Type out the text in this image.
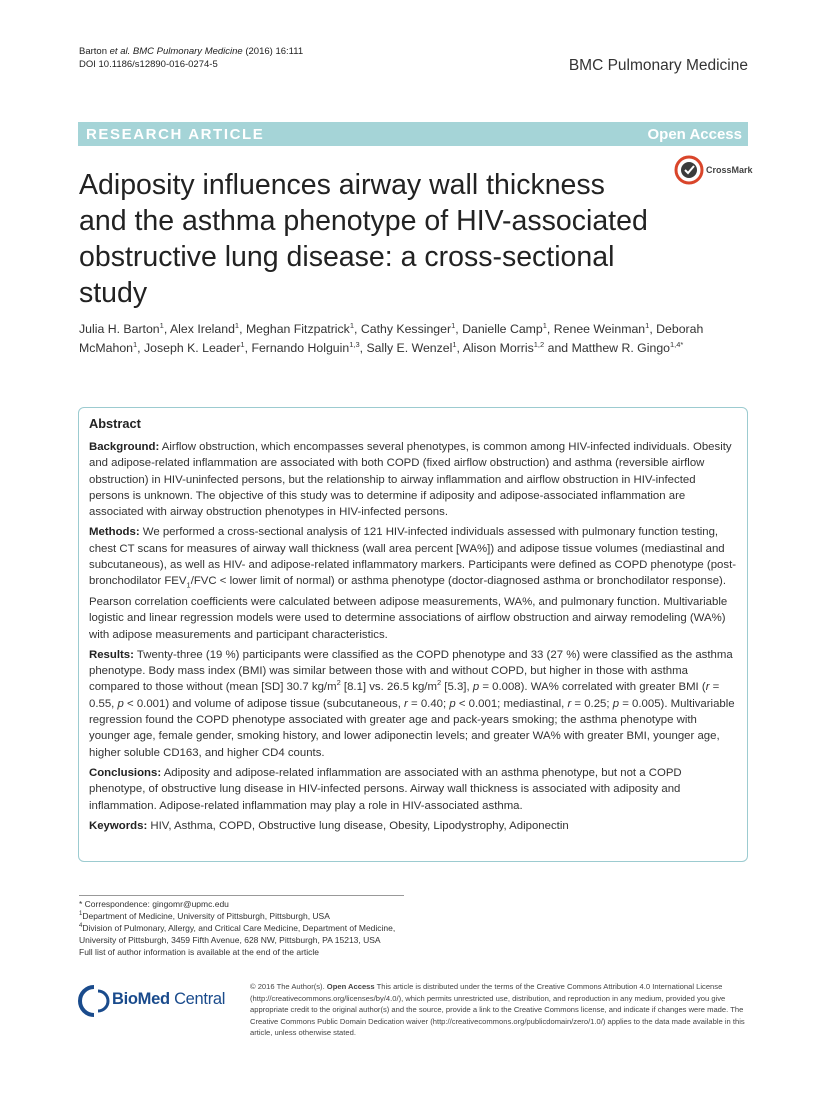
Barton et al. BMC Pulmonary Medicine (2016) 16:111
DOI 10.1186/s12890-016-0274-5	BMC Pulmonary Medicine
RESEARCH ARTICLE	Open Access
Adiposity influences airway wall thickness and the asthma phenotype of HIV-associated obstructive lung disease: a cross-sectional study
CrossMark
Julia H. Barton$^1$, Alex Ireland$^1$, Meghan Fitzpatrick$^1$, Cathy Kessinger$^1$, Danielle Camp$^1$, Renee Weinman$^1$, Deborah McMahon$^1$, Joseph K. Leader$^1$, Fernando Holguin$^{1,3}$, Sally E. Wenzel$^1$, Alison Morris$^{1,2}$ and Matthew R. Gingo$^{1,4*}$
Abstract

Background: Airflow obstruction, which encompasses several phenotypes, is common among HIV-infected individuals. Obesity and adipose-related inflammation are associated with both COPD (fixed airflow obstruction) and asthma (reversible airflow obstruction) in HIV-uninfected persons, but the relationship to airway inflammation and airflow obstruction in HIV-infected persons is unknown. The objective of this study was to determine if adiposity and adipose-associated inflammation are associated with airway obstruction phenotypes in HIV-infected persons.

Methods: We performed a cross-sectional analysis of 121 HIV-infected individuals assessed with pulmonary function testing, chest CT scans for measures of airway wall thickness (wall area percent [WA%]) and adipose tissue volumes (mediastinal and subcutaneous), as well as HIV- and adipose-related inflammatory markers. Participants were defined as COPD phenotype (post-bronchodilator $FEV_1$/FVC < lower limit of normal) or asthma phenotype (doctor-diagnosed asthma or bronchodilator response). Pearson correlation coefficients were calculated between adipose measurements, WA%, and pulmonary function. Multivariable logistic and linear regression models were used to determine associations of airflow obstruction and airway remodeling (WA%) with adipose measurements and participant characteristics.

Results: Twenty-three (19 %) participants were classified as the COPD phenotype and 33 (27 %) were classified as the asthma phenotype. Body mass index (BMI) was similar between those with and without COPD, but higher in those with asthma compared to those without (mean [SD] 30.7 $kg/m^2$ [8.1] vs. 26.5 $kg/m^2$ [5.3], p = 0.008). WA% correlated with greater BMI (r = 0.55, p < 0.001) and volume of adipose tissue (subcutaneous, r = 0.40; p < 0.001; mediastinal, r = 0.25; p = 0.005). Multivariable regression found the COPD phenotype associated with greater age and pack-years smoking; the asthma phenotype with younger age, female gender, smoking history, and lower adiponectin levels; and greater WA% with greater BMI, younger age, higher soluble CD163, and higher CD4 counts.

Conclusions: Adiposity and adipose-related inflammation are associated with an asthma phenotype, but not a COPD phenotype, of obstructive lung disease in HIV-infected persons. Airway wall thickness is associated with adiposity and inflammation. Adipose-related inflammation may play a role in HIV-associated asthma.

Keywords: HIV, Asthma, COPD, Obstructive lung disease, Obesity, Lipodystrophy, Adiponectin

* Correspondence: gingomr@upmc.edu
$^1$Department of Medicine, University of Pittsburgh, Pittsburgh, USA
$^4$Division of Pulmonary, Allergy, and Critical Care Medicine, Department of Medicine, University of Pittsburgh, 3459 Fifth Avenue, 628 NW, Pittsburgh, PA 15213, USA
Full list of author information is available at the end of the article
BioMed Central
© 2016 The Author(s). Open Access This article is distributed under the terms of the Creative Commons Attribution 4.0 International License (http://creativecommons.org/licenses/by/4.0/), which permits unrestricted use, distribution, and reproduction in any medium, provided you give appropriate credit to the original author(s) and the source, provide a link to the Creative Commons license, and indicate if changes were made. The Creative Commons Public Domain Dedication waiver (http://creativecommons.org/publicdomain/zero/1.0/) applies to the data made available in this article, unless otherwise stated.
